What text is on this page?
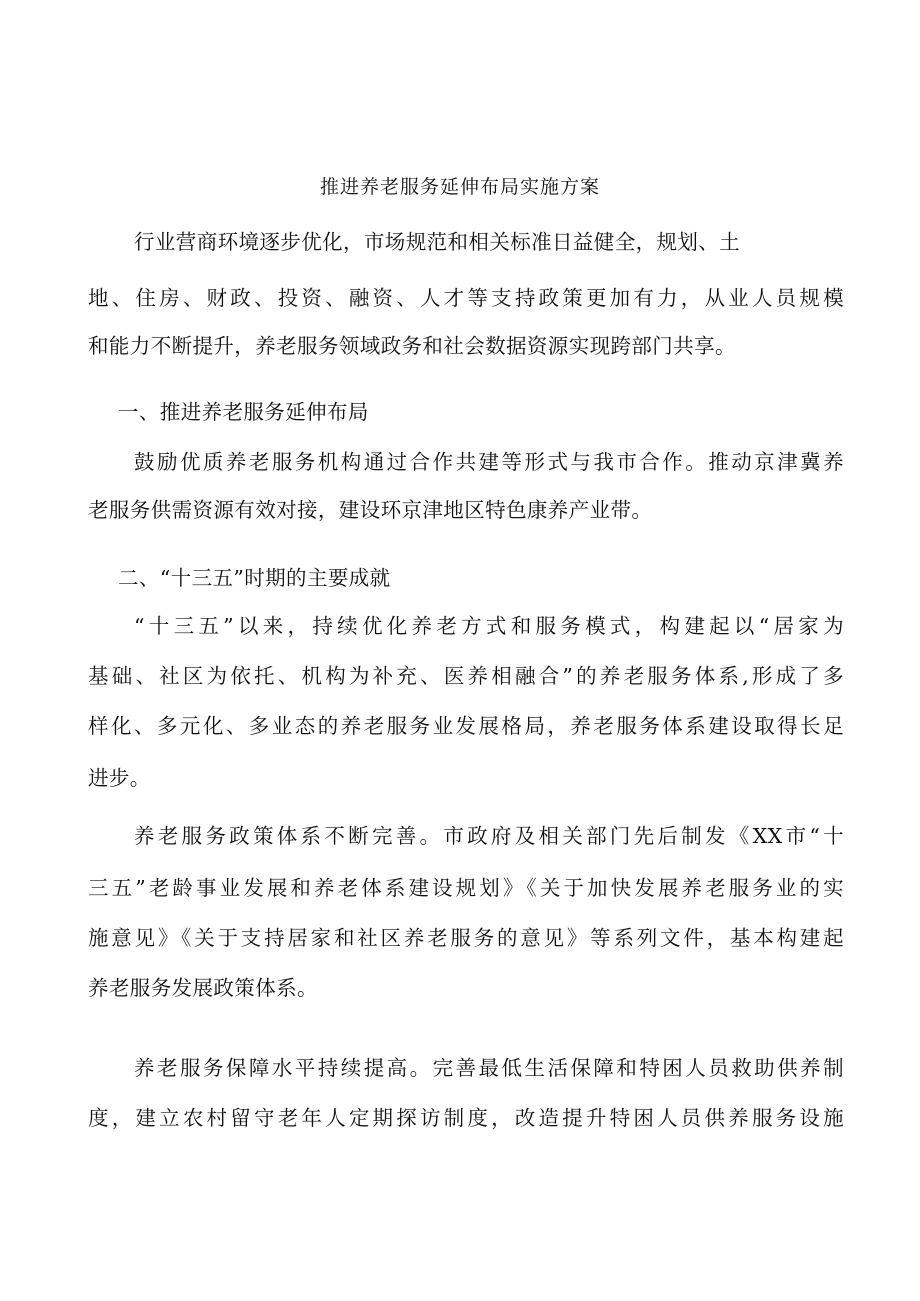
推进养老服务延伸布局实施方案
行业营商环境逐步优化，市场规范和相关标准日益健全，规划、土
地、住房、财政、投资、融资、人才等支持政策更加有力，从业人员规模
和能力不断提升，养老服务领域政务和社会数据资源实现跨部门共享。
一、推进养老服务延伸布局
鼓励优质养老服务机构通过合作共建等形式与我市合作。推动京津冀养
老服务供需资源有效对接，建设环京津地区特色康养产业带。
二、“十三五”时期的主要成就
“十三五”以来，持续优化养老方式和服务模式，构建起以“居家为
基础、社区为依托、机构为补充、医养相融合”的养老服务体系,形成了多
样化、多元化、多业态的养老服务业发展格局，养老服务体系建设取得长足
进步。
养老服务政策体系不断完善。市政府及相关部门先后制发《XX市“十
三五”老龄事业发展和养老体系建设规划》《关于加快发展养老服务业的实
施意见》《关于支持居家和社区养老服务的意见》等系列文件，基本构建起
养老服务发展政策体系。
养老服务保障水平持续提高。完善最低生活保障和特困人员救助供养制
度，建立农村留守老年人定期探访制度，改造提升特困人员供养服务设施
